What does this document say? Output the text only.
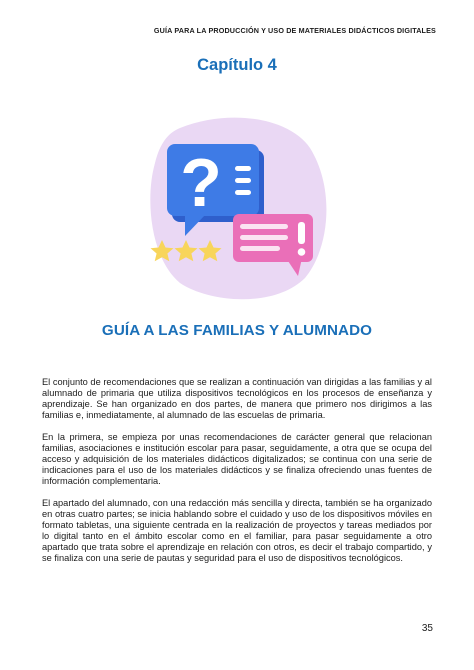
GUÍA PARA LA PRODUCCIÓN Y USO DE MATERIALES DIDÁCTICOS DIGITALES
Capítulo 4
?
GUÍA A LAS FAMILIAS Y ALUMNADO

El conjunto de recomendaciones que se realizan a continuación van dirigidas a las familias y al alumnado de primaria que utiliza dispositivos tecnológicos en los procesos de enseñanza y aprendizaje. Se han organizado en dos partes, de manera que primero nos dirigimos a las familias e, inmediatamente, al alumnado de las escuelas de primaria.

En la primera, se empieza por unas recomendaciones de carácter general que relacionan familias, asociaciones e institución escolar para pasar, seguidamente, a otra que se ocupa del acceso y adquisición de los materiales didácticos digitalizados; se continua con una serie de indicaciones para el uso de los materiales didácticos y se finaliza ofreciendo unas fuentes de información complementaria.

El apartado del alumnado, con una redacción más sencilla y directa, también se ha organizado en otras cuatro partes; se inicia hablando sobre el cuidado y uso de los dispositivos móviles en formato tabletas, una siguiente centrada en la realización de proyectos y tareas mediados por lo digital tanto en el ámbito escolar como en el familiar, para pasar seguidamente a otro apartado que trata sobre el aprendizaje en relación con otros, es decir el trabajo compartido, y se finaliza con una serie de pautas y seguridad para el uso de dispositivos tecnológicos.

35
